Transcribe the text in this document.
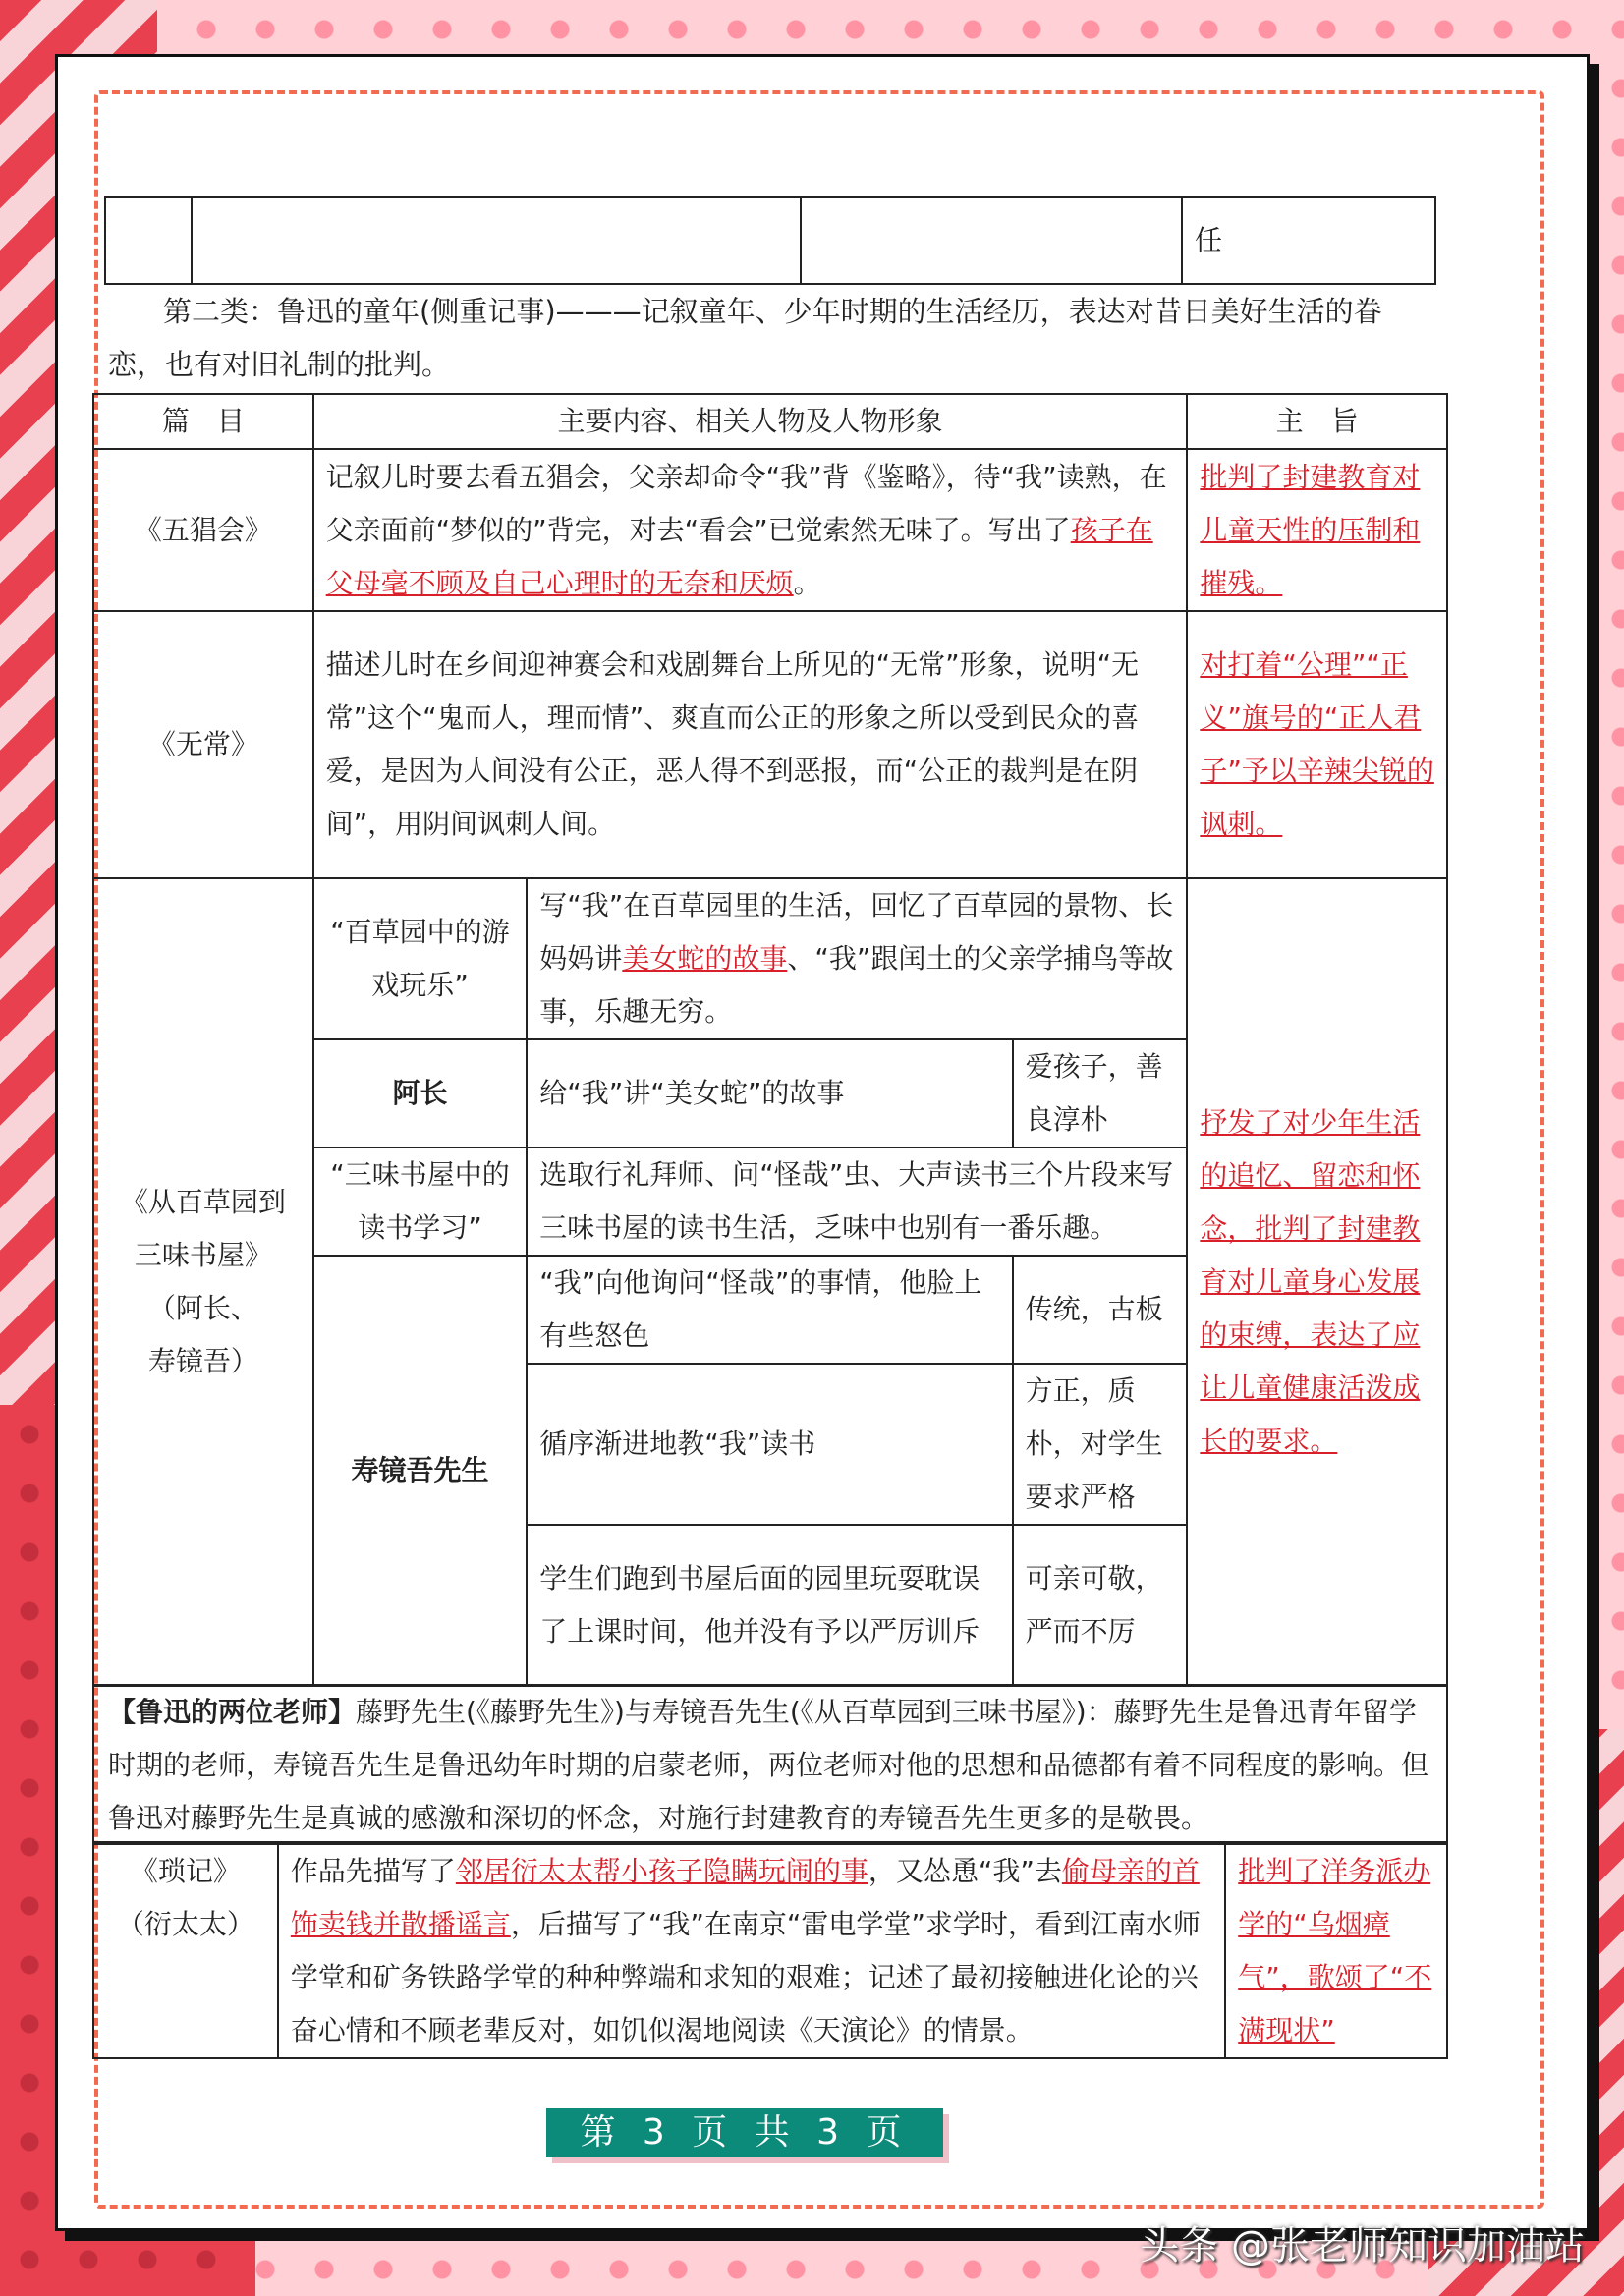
			任
第二类：鲁迅的童年(侧重记事)———记叙童年、少年时期的生活经历，表达对昔日美好生活的眷恋，也有对旧礼制的批判。
篇　目	主要内容、相关人物及人物形象			主　旨
《五猖会》	记叙儿时要去看五猖会，父亲却命令“我”背《鉴略》，待“我”读熟，在父亲面前“梦似的”背完，对去“看会”已觉索然无味了。写出了孩子在父母毫不顾及自己心理时的无奈和厌烦。			批判了封建教育对儿童天性的压制和摧残。
《无常》	描述儿时在乡间迎神赛会和戏剧舞台上所见的“无常”形象，说明“无常”这个“鬼而人，理而情”、爽直而公正的形象之所以受到民众的喜爱，是因为人间没有公正，恶人得不到恶报，而“公正的裁判是在阴间”，用阴间讽刺人间。			对打着“公理”“正义”旗号的“正人君子”予以辛辣尖锐的讽刺。

《从百草园到
三味书屋》
（阿长、
寿镜吾）	“百草园中的游戏玩乐”	写“我”在百草园里的生活，回忆了百草园的景物、长妈妈讲美女蛇的故事、“我”跟闰土的父亲学捕鸟等故事，乐趣无穷。		抒发了对少年生活的追忆、留恋和怀念，批判了封建教育对儿童身心发展的束缚，表达了应让儿童健康活泼成长的要求。
	阿长	给“我”讲“美女蛇”的故事	爱孩子，善良淳朴	
	“三味书屋中的读书学习”	选取行礼拜师、问“怪哉”虫、大声读书三个片段来写三味书屋的读书生活，乏味中也别有一番乐趣。		
	寿镜吾先生	“我”向他询问“怪哉”的事情，他脸上有些怒色	传统，古板	
		循序渐进地教“我”读书	方正，质朴，对学生要求严格	
		学生们跑到书屋后面的园里玩耍耽误了上课时间，他并没有予以严厉训斥	可亲可敬，严而不厉	
【鲁迅的两位老师】藤野先生(《藤野先生》)与寿镜吾先生(《从百草园到三味书屋》)：藤野先生是鲁迅青年留学时期的老师，寿镜吾先生是鲁迅幼年时期的启蒙老师，两位老师对他的思想和品德都有着不同程度的影响。但鲁迅对藤野先生是真诚的感激和深切的怀念，对施行封建教育的寿镜吾先生更多的是敬畏。
《琐记》
（衍太太）
	作品先描写了邻居衍太太帮小孩子隐瞒玩闹的事，又怂恿“我”去偷母亲的首饰卖钱并散播谣言，后描写了“我”在南京“雷电学堂”求学时，看到江南水师学堂和矿务铁路学堂的种种弊端和求知的艰难；记述了最初接触进化论的兴奋心情和不顾老辈反对，如饥似渴地阅读《天演论》的情景。	批判了洋务派办学的“乌烟瘴气”，歌颂了“不满现状”
第 3 页 共 3 页
头条 @张老师知识加油站
